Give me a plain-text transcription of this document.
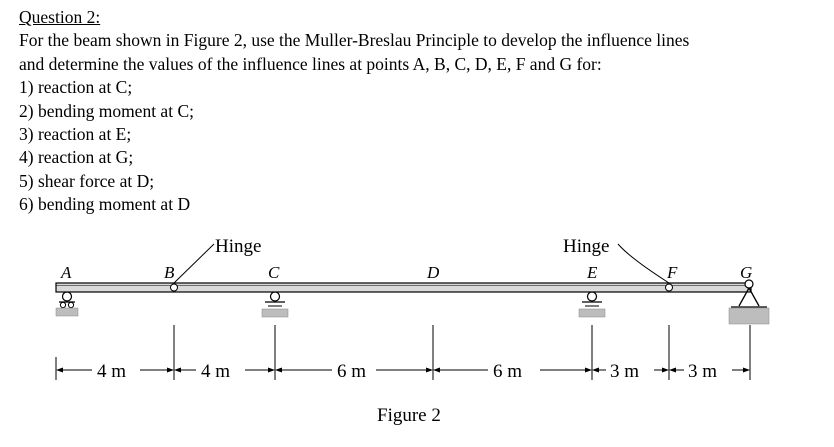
Question 2:
For the beam shown in Figure 2, use the Muller-Breslau Principle to develop the influence lines
and determine the values of the influence lines at points A, B, C, D, E, F and G for:
1) reaction at C;
2) bending moment at C;
3) reaction at E;
4) reaction at G;
5) shear force at D;
6) bending moment at D
A	B	C	D	E	F	G
Hinge	Hinge
4 m	4 m	6 m	6 m	3 m	3 m
Figure 2
